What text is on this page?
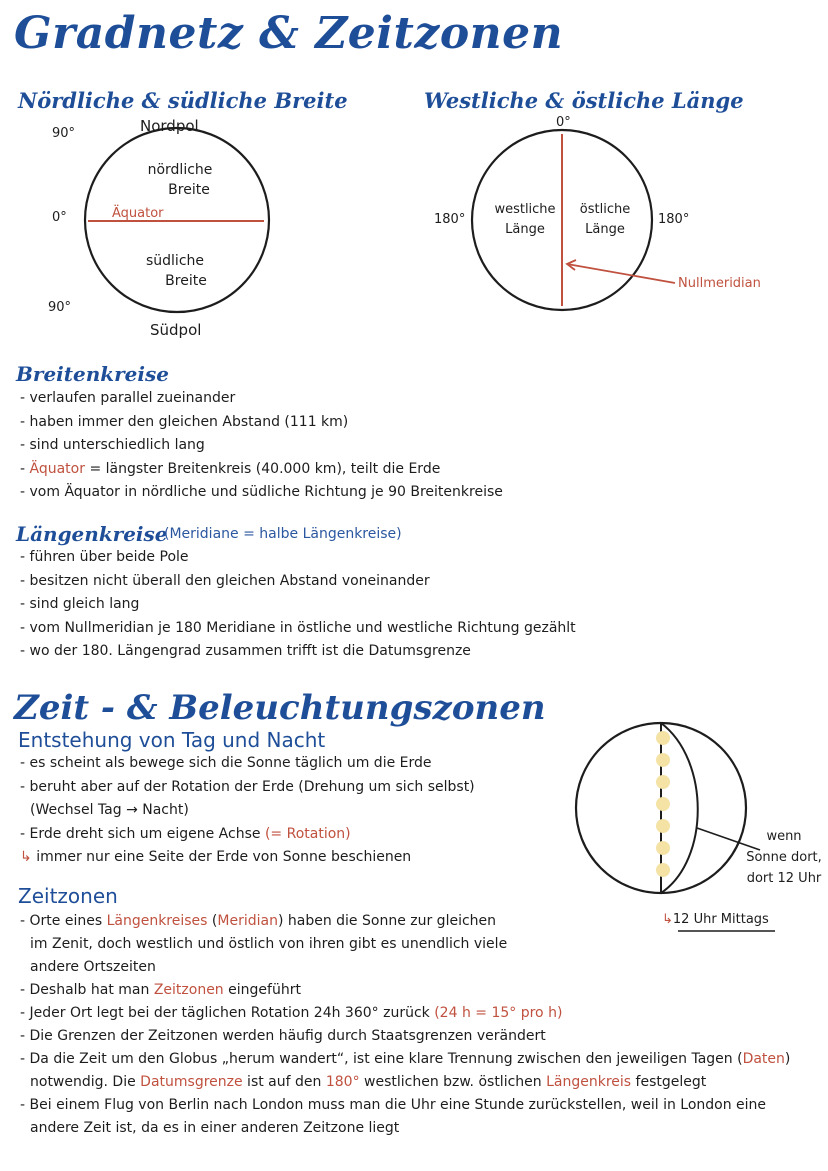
Gradnetz & Zeitzonen
Nördliche & südliche Breite
Nordpol
90°
0°
90°
Äquator
nördliche
Breite
südliche
Breite
Südpol
Westliche & östliche Länge
0°
180°	180°
westliche
Länge
östliche
Länge
Nullmeridian
Breitenkreise
- verlaufen parallel zueinander
- haben immer den gleichen Abstand (111 km)
- sind unterschiedlich lang
- Äquator = längster Breitenkreis (40.000 km), teilt die Erde
- vom Äquator in nördliche und südliche Richtung je 90 Breitenkreise
Längenkreise
(Meridiane = halbe Längenkreise)
- führen über beide Pole
- besitzen nicht überall den gleichen Abstand voneinander
- sind gleich lang
- vom Nullmeridian je 180 Meridiane in östliche und westliche Richtung gezählt
- wo der 180. Längengrad zusammen trifft ist die Datumsgrenze
Zeit - & Beleuchtungszonen
Entstehung von Tag und Nacht
- es scheint als bewege sich die Sonne täglich um die Erde
- beruht aber auf der Rotation der Erde (Drehung um sich selbst)
(Wechsel Tag → Nacht)
- Erde dreht sich um eigene Achse (= Rotation)
↳ immer nur eine Seite der Erde von Sonne beschienen
wenn
Sonne dort,
dort 12 Uhr
↳12 Uhr Mittags
Zeitzonen
- Orte eines Längenkreises (Meridian) haben die Sonne zur gleichen
im Zenit, doch westlich und östlich von ihren gibt es unendlich viele
andere Ortszeiten
- Deshalb hat man Zeitzonen eingeführt
- Jeder Ort legt bei der täglichen Rotation 24h 360° zurück (24 h = 15° pro h)
- Die Grenzen der Zeitzonen werden häufig durch Staatsgrenzen verändert
- Da die Zeit um den Globus „herum wandert“, ist eine klare Trennung zwischen den jeweiligen Tagen (Daten)
notwendig. Die Datumsgrenze ist auf den 180° westlichen bzw. östlichen Längenkreis festgelegt
- Bei einem Flug von Berlin nach London muss man die Uhr eine Stunde zurückstellen, weil in London eine
andere Zeit ist, da es in einer anderen Zeitzone liegt
